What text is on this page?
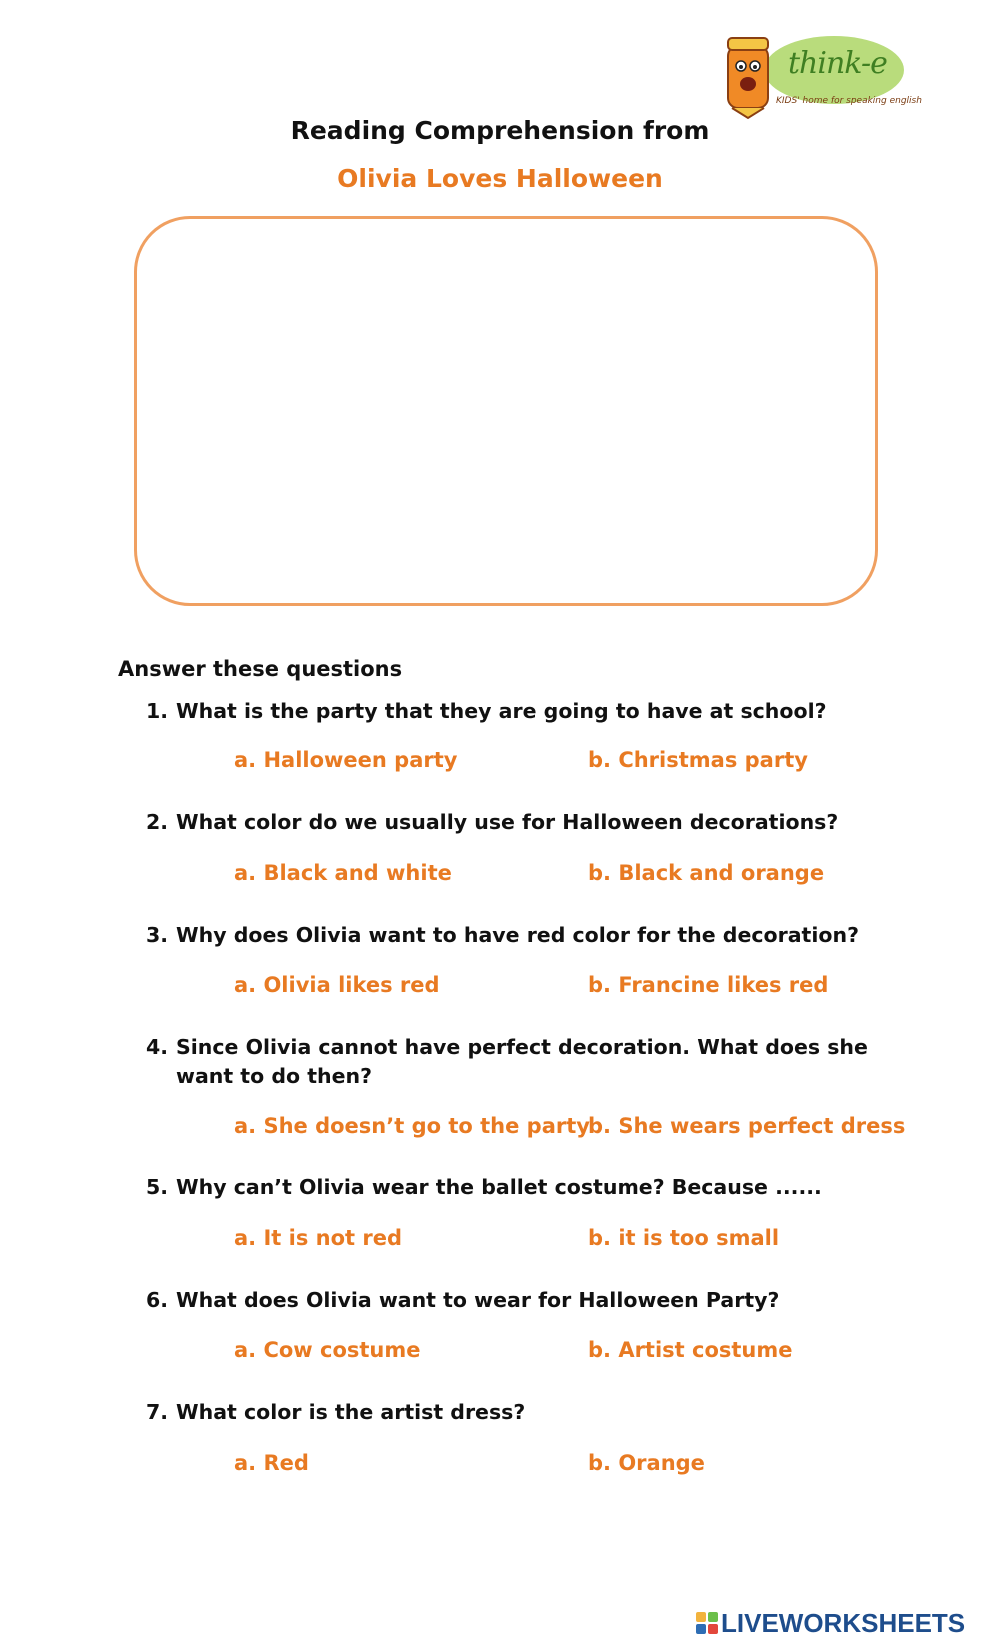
think-e
KIDS' home for speaking english
Reading Comprehension from
Olivia Loves Halloween
Answer these questions
1. What is the party that they are going to have at school?
a. Halloween party	b. Christmas party
2. What color do we usually use for Halloween decorations?
a. Black and white	b. Black and orange
3. Why does Olivia want to have red color for the decoration?
a. Olivia likes red	b. Francine likes red
4. Since Olivia cannot have perfect decoration. What does she want to do then?
a. She doesn’t go to the party
b. She wears perfect dress
5. Why can’t Olivia wear the ballet costume? Because ......
a. It is not red	b. it is too small
6. What does Olivia want to wear for Halloween Party?
a. Cow costume	b. Artist costume
7. What color is the artist dress?
a. Red	b. Orange
LIVEWORKSHEETS
